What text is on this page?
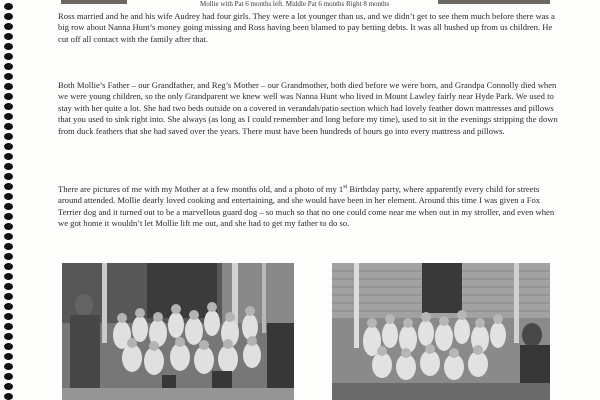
Mollie with Pat 6 months left. Middle Pat 6 months Right 8 months

Ross married and he and his wife Audrey had four girls. They were a lot younger than us, and we didn’t get to see them much before there was a big row about Nanna Hunt’s money going missing and Ross having been blamed to pay betting debts. It was all hushed up from us children. He cut off all contact with the family after that.

Both Mollie’s Father – our Grandfather, and Reg’s Mother – our Grandmother, both died before we were born, and Grandpa Connolly died when we were young children, so the only Grandparent we knew well was Nanna Hunt who lived in Mount Lawley fairly near Hyde Park. We used to stay with her quite a lot. She had two beds outside on a covered in verandah/patio section which had lovely feather down mattresses and pillows that you used to sink right into. She always (as long as I could remember and long before my time), used to sit in the evenings stripping the down from duck feathers that she had saved over the years. There must have been hundreds of hours go into every mattress and pillows.

There are pictures of me with my Mother at a few months old, and a photo of my 1st Birthday party, where apparently every child for streets around attended. Mollie dearly loved cooking and entertaining, and she would have been in her element. Around this time I was given a Fox Terrier dog and it turned out to be a marvellous guard dog – so much so that no one could come near me when out in my stroller, and even when we got home it wouldn’t let Mollie lift me out, and she had to get my father to do so.
